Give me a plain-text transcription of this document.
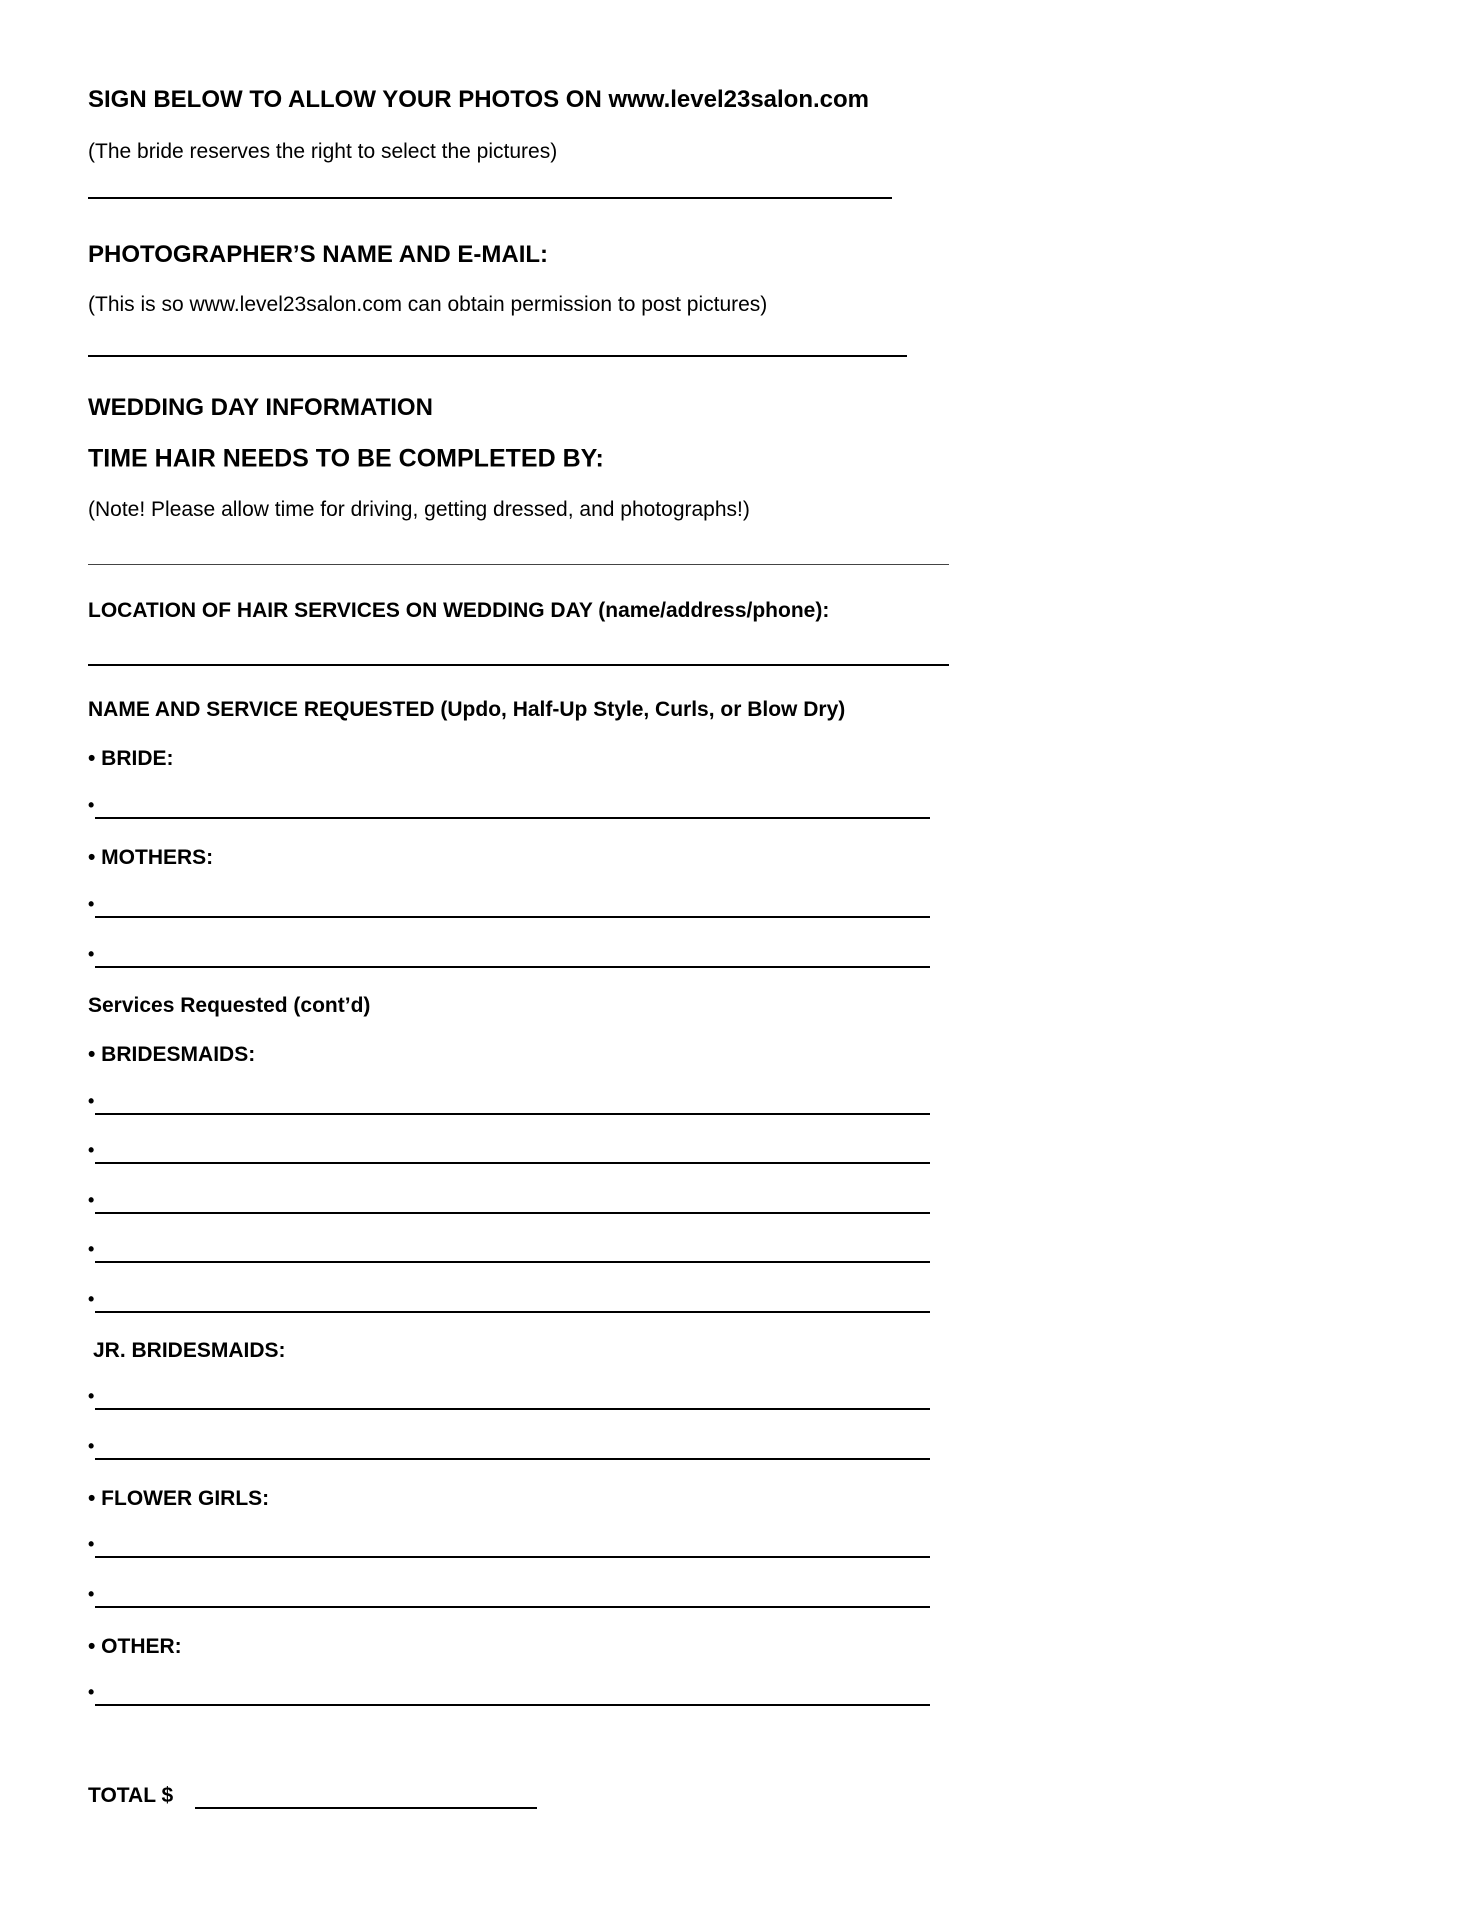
SIGN BELOW TO ALLOW YOUR PHOTOS ON www.level23salon.com
(The bride reserves the right to select the pictures)
PHOTOGRAPHER’S NAME AND E-MAIL:
(This is so www.level23salon.com can obtain permission to post pictures)
WEDDING DAY INFORMATION
TIME HAIR NEEDS TO BE COMPLETED BY:
(Note! Please allow time for driving, getting dressed, and photographs!)
LOCATION OF HAIR SERVICES ON WEDDING DAY (name/address/phone):
NAME AND SERVICE REQUESTED (Updo, Half-Up Style, Curls, or Blow Dry)
• BRIDE:
•
• MOTHERS:
•
•
Services Requested (cont’d)
• BRIDESMAIDS:
•
•
•
•
•
JR. BRIDESMAIDS:
•
•
• FLOWER GIRLS:
•
•
• OTHER:
•
TOTAL $
